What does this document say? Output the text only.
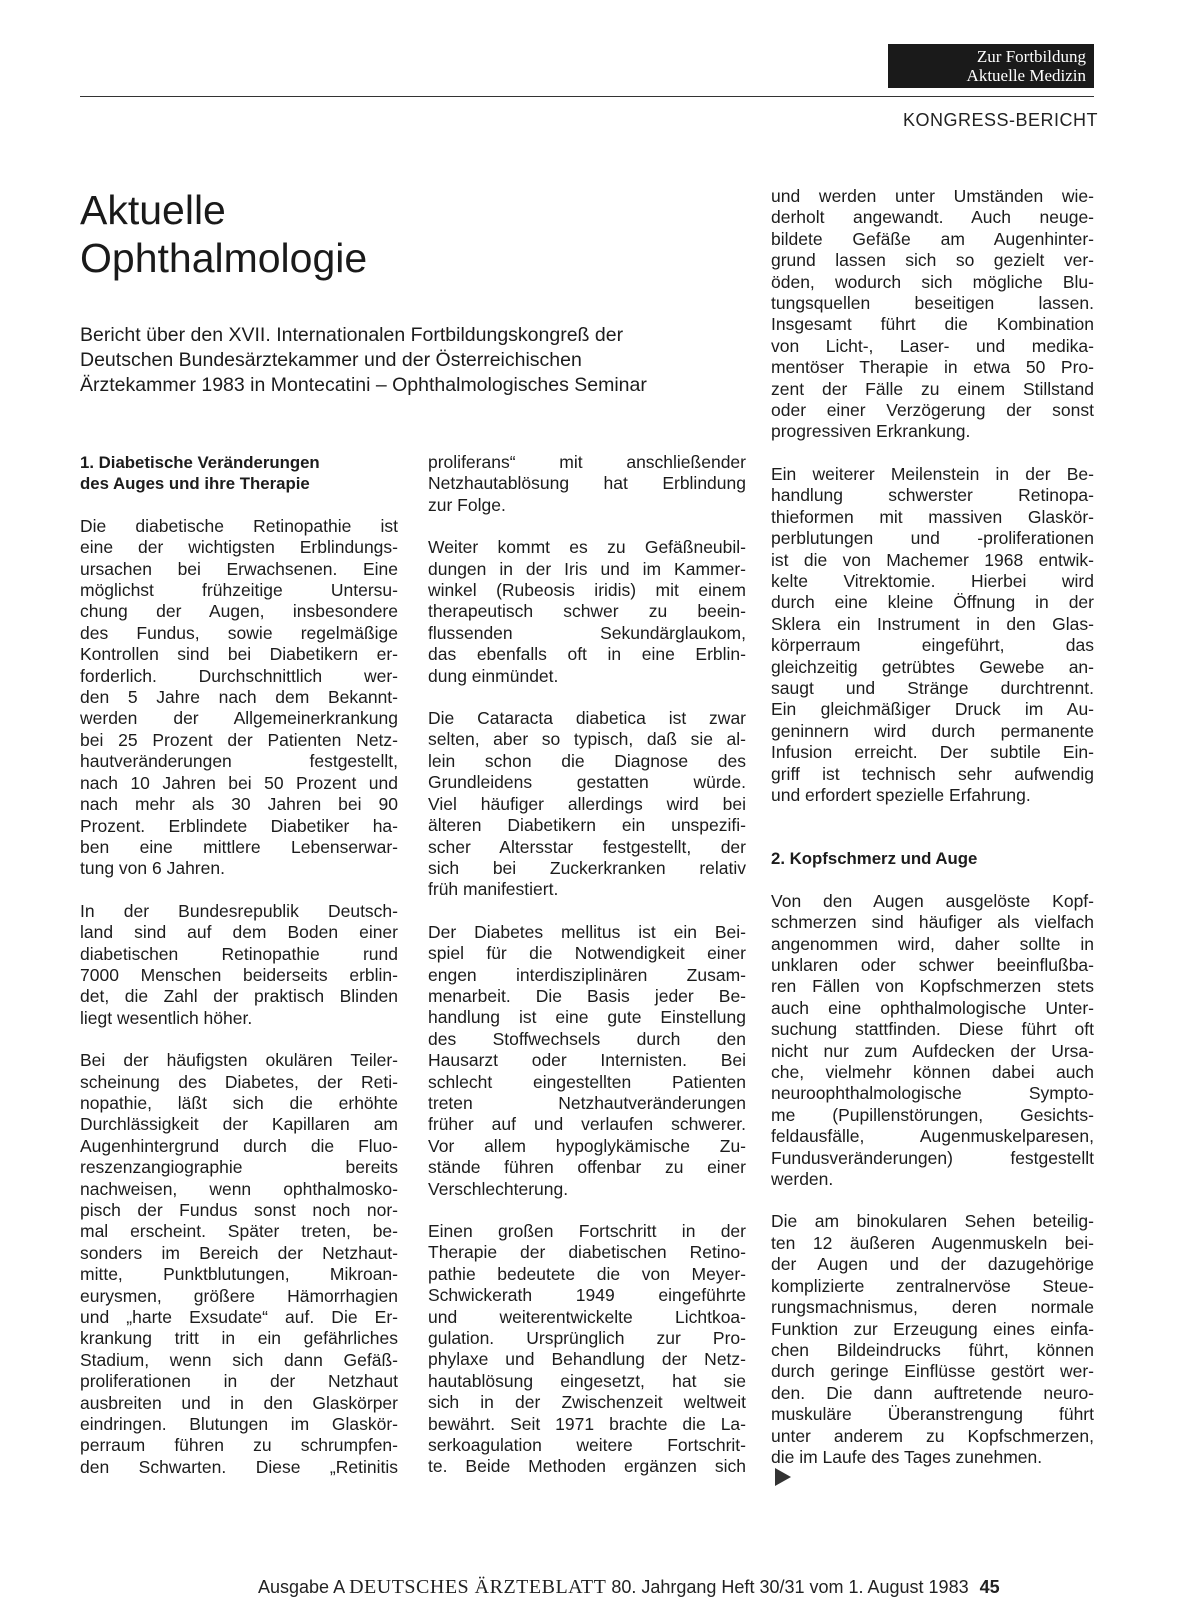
Zur Fortbildung
Aktuelle Medizin
KONGRESS-BERICHT
Aktuelle
Ophthalmologie
Bericht über den XVII. Internationalen Fortbildungskongreß der
Deutschen Bundesärztekammer und der Österreichischen
Ärztekammer 1983 in Montecatini – Ophthalmologisches Seminar
1. Diabetische Veränderungen
des Auges und ihre Therapie

Die diabetische Retinopathie ist
eine der wichtigsten Erblindungs-
ursachen bei Erwachsenen. Eine
möglichst frühzeitige Untersu-
chung der Augen, insbesondere
des Fundus, sowie regelmäßige
Kontrollen sind bei Diabetikern er-
forderlich. Durchschnittlich wer-
den 5 Jahre nach dem Bekannt-
werden der Allgemeinerkrankung
bei 25 Prozent der Patienten Netz-
hautveränderungen festgestellt,
nach 10 Jahren bei 50 Prozent und
nach mehr als 30 Jahren bei 90
Prozent. Erblindete Diabetiker ha-
ben eine mittlere Lebenserwar-
tung von 6 Jahren.

In der Bundesrepublik Deutsch-
land sind auf dem Boden einer
diabetischen Retinopathie rund
7000 Menschen beiderseits erblin-
det, die Zahl der praktisch Blinden
liegt wesentlich höher.

Bei der häufigsten okulären Teiler-
scheinung des Diabetes, der Reti-
nopathie, läßt sich die erhöhte
Durchlässigkeit der Kapillaren am
Augenhintergrund durch die Fluo-
reszenzangiographie bereits
nachweisen, wenn ophthalmosko-
pisch der Fundus sonst noch nor-
mal erscheint. Später treten, be-
sonders im Bereich der Netzhaut-
mitte, Punktblutungen, Mikroan-
eurysmen, größere Hämorrhagien
und „harte Exsudate“ auf. Die Er-
krankung tritt in ein gefährliches
Stadium, wenn sich dann Gefäß-
proliferationen in der Netzhaut
ausbreiten und in den Glaskörper
eindringen. Blutungen im Glaskör-
perraum führen zu schrumpfen-
den Schwarten. Diese „Retinitis

proliferans“ mit anschließender
Netzhautablösung hat Erblindung
zur Folge.

Weiter kommt es zu Gefäßneubil-
dungen in der Iris und im Kammer-
winkel (Rubeosis iridis) mit einem
therapeutisch schwer zu beein-
flussenden Sekundärglaukom,
das ebenfalls oft in eine Erblin-
dung einmündet.

Die Cataracta diabetica ist zwar
selten, aber so typisch, daß sie al-
lein schon die Diagnose des
Grundleidens gestatten würde.
Viel häufiger allerdings wird bei
älteren Diabetikern ein unspezifi-
scher Altersstar festgestellt, der
sich bei Zuckerkranken relativ
früh manifestiert.

Der Diabetes mellitus ist ein Bei-
spiel für die Notwendigkeit einer
engen interdisziplinären Zusam-
menarbeit. Die Basis jeder Be-
handlung ist eine gute Einstellung
des Stoffwechsels durch den
Hausarzt oder Internisten. Bei
schlecht eingestellten Patienten
treten Netzhautveränderungen
früher auf und verlaufen schwerer.
Vor allem hypoglykämische Zu-
stände führen offenbar zu einer
Verschlechterung.

Einen großen Fortschritt in der
Therapie der diabetischen Retino-
pathie bedeutete die von Meyer-
Schwickerath 1949 eingeführte
und weiterentwickelte Lichtkoa-
gulation. Ursprünglich zur Pro-
phylaxe und Behandlung der Netz-
hautablösung eingesetzt, hat sie
sich in der Zwischenzeit weltweit
bewährt. Seit 1971 brachte die La-
serkoagulation weitere Fortschrit-
te. Beide Methoden ergänzen sich

und werden unter Umständen wie-
derholt angewandt. Auch neuge-
bildete Gefäße am Augenhinter-
grund lassen sich so gezielt ver-
öden, wodurch sich mögliche Blu-
tungsquellen beseitigen lassen.
Insgesamt führt die Kombination
von Licht-, Laser- und medika-
mentöser Therapie in etwa 50 Pro-
zent der Fälle zu einem Stillstand
oder einer Verzögerung der sonst
progressiven Erkrankung.

Ein weiterer Meilenstein in der Be-
handlung schwerster Retinopa-
thieformen mit massiven Glaskör-
perblutungen und -proliferationen
ist die von Machemer 1968 entwik-
kelte Vitrektomie. Hierbei wird
durch eine kleine Öffnung in der
Sklera ein Instrument in den Glas-
körperraum eingeführt, das
gleichzeitig getrübtes Gewebe an-
saugt und Stränge durchtrennt.
Ein gleichmäßiger Druck im Au-
geninnern wird durch permanente
Infusion erreicht. Der subtile Ein-
griff ist technisch sehr aufwendig
und erfordert spezielle Erfahrung.

2. Kopfschmerz und Auge

Von den Augen ausgelöste Kopf-
schmerzen sind häufiger als vielfach
angenommen wird, daher sollte in
unklaren oder schwer beeinflußba-
ren Fällen von Kopfschmerzen stets
auch eine ophthalmologische Unter-
suchung stattfinden. Diese führt oft
nicht nur zum Aufdecken der Ursa-
che, vielmehr können dabei auch
neuroophthalmologische Sympto-
me (Pupillenstörungen, Gesichts-
feldausfälle, Augenmuskelparesen,
Fundusveränderungen) festgestellt
werden.

Die am binokularen Sehen beteilig-
ten 12 äußeren Augenmuskeln bei-
der Augen und der dazugehörige
komplizierte zentralnervöse Steue-
rungsmachnismus, deren normale
Funktion zur Erzeugung eines einfa-
chen Bildeindrucks führt, können
durch geringe Einflüsse gestört wer-
den. Die dann auftretende neuro-
muskuläre Überanstrengung führt
unter anderem zu Kopfschmerzen,
die im Laufe des Tages zunehmen.

Ausgabe A DEUTSCHES ÄRZTEBLATT 80. Jahrgang Heft 30/31 vom 1. August 1983 45
